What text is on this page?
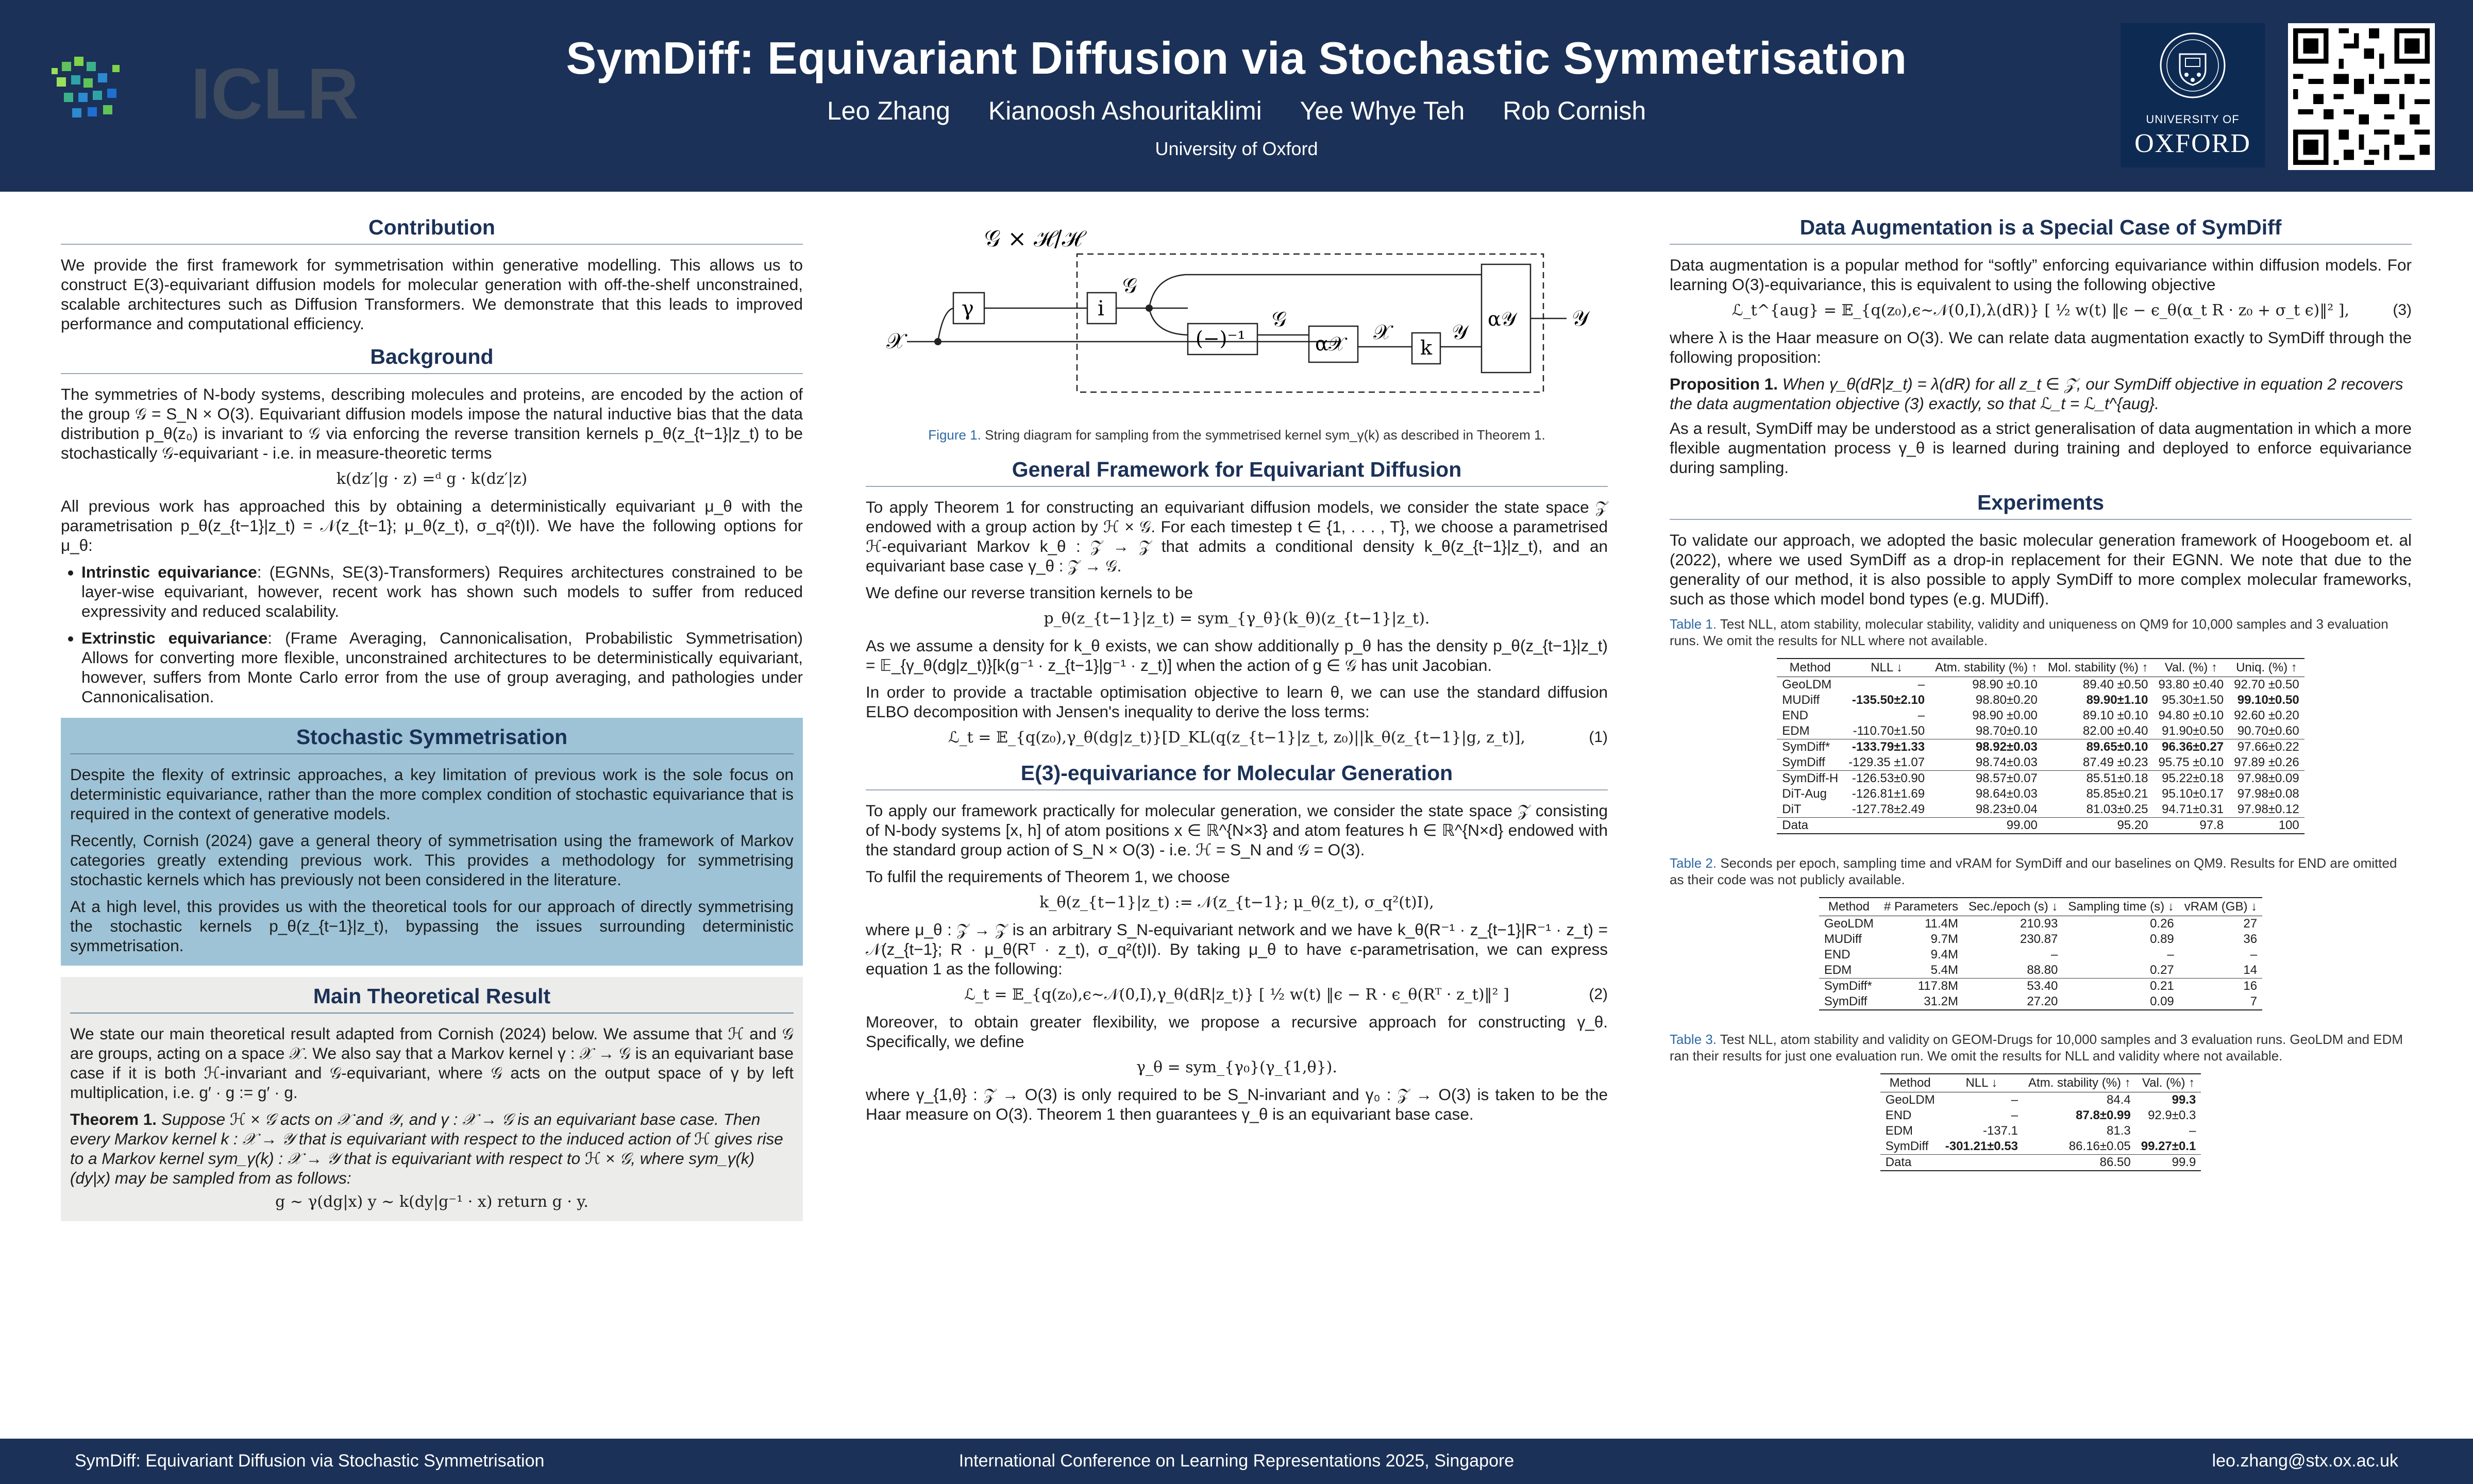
ICLR	SymDiff: Equivariant Diffusion via Stochastic Symmetrisation
Leo Zhang Kianoosh Ashouritaklimi Yee Whye Teh Rob Cornish
University of Oxford
UNIVERSITY OF
OXFORD
Contribution

We provide the first framework for symmetrisation within generative modelling. This allows us to construct E(3)-equivariant diffusion models for molecular generation with off-the-shelf unconstrained, scalable architectures such as Diffusion Transformers. We demonstrate that this leads to improved performance and computational efficiency.

Background

The symmetries of N-body systems, describing molecules and proteins, are encoded by the action of the group 𝒢 = S_N × O(3). Equivariant diffusion models impose the natural inductive bias that the data distribution p_θ(z₀) is invariant to 𝒢 via enforcing the reverse transition kernels p_θ(z_{t−1}|z_t) to be stochastically 𝒢-equivariant - i.e. in measure-theoretic terms

k(dz′|g · z) =ᵈ g · k(dz′|z)

All previous work has approached this by obtaining a deterministically equivariant μ_θ with the parametrisation p_θ(z_{t−1}|z_t) = 𝒩(z_{t−1}; μ_θ(z_t), σ_q²(t)I). We have the following options for μ_θ:

• Intrinstic equivariance: (EGNNs, SE(3)-Transformers) Requires architectures constrained to be layer-wise equivariant, however, recent work has shown such models to suffer from reduced expressivity and reduced scalability.
• Extrinstic equivariance: (Frame Averaging, Cannonicalisation, Probabilistic Symmetrisation) Allows for converting more flexible, unconstrained architectures to be deterministically equivariant, however, suffers from Monte Carlo error from the use of group averaging, and pathologies under Cannonicalisation.
Stochastic Symmetrisation

Despite the flexity of extrinsic approaches, a key limitation of previous work is the sole focus on deterministic equivariance, rather than the more complex condition of stochastic equivariance that is required in the context of generative models.

Recently, Cornish (2024) gave a general theory of symmetrisation using the framework of Markov categories greatly extending previous work. This provides a methodology for symmetrising stochastic kernels which has previously not been considered in the literature.

At a high level, this provides us with the theoretical tools for our approach of directly symmetrising the stochastic kernels p_θ(z_{t−1}|z_t), bypassing the issues surrounding deterministic symmetrisation.

Main Theoretical Result

We state our main theoretical result adapted from Cornish (2024) below. We assume that ℋ and 𝒢 are groups, acting on a space 𝒳. We also say that a Markov kernel γ : 𝒳 → 𝒢 is an equivariant base case if it is both ℋ-invariant and 𝒢-equivariant, where 𝒢 acts on the output space of γ by left multiplication, i.e. g′ · g := g′ · g.

Theorem 1. Suppose ℋ × 𝒢 acts on 𝒳 and 𝒴, and γ : 𝒳 → 𝒢 is an equivariant base case. Then every Markov kernel k : 𝒳 → 𝒴 that is equivariant with respect to the induced action of ℋ gives rise to a Markov kernel sym_γ(k) : 𝒳 → 𝒴 that is equivariant with respect to ℋ × 𝒢, where sym_γ(k)(dy|x) may be sampled from as follows:
g ∼ γ(dg|x) y ∼ k(dy|g⁻¹ · x) return g · y.
𝒢 × ℋ/ℋ
𝒳
𝒴
γ	i
𝒢
(−)⁻¹
𝒢
α𝒳 𝒳
k
𝒴
α𝒴
Figure 1. String diagram for sampling from the symmetrised kernel sym_γ(k) as described in Theorem 1.
General Framework for Equivariant Diffusion

To apply Theorem 1 for constructing an equivariant diffusion models, we consider the state space 𝒵 endowed with a group action by ℋ × 𝒢. For each timestep t ∈ {1, . . . , T}, we choose a parametrised ℋ-equivariant Markov k_θ : 𝒵 → 𝒵 that admits a conditional density k_θ(z_{t−1}|z_t), and an equivariant base case γ_θ : 𝒵 → 𝒢.

We define our reverse transition kernels to be

p_θ(z_{t−1}|z_t) = sym_{γ_θ}(k_θ)(z_{t−1}|z_t).

As we assume a density for k_θ exists, we can show additionally p_θ has the density p_θ(z_{t−1}|z_t) = 𝔼_{γ_θ(dg|z_t)}[k(g⁻¹ · z_{t−1}|g⁻¹ · z_t)] when the action of g ∈ 𝒢 has unit Jacobian.

In order to provide a tractable optimisation objective to learn θ, we can use the standard diffusion ELBO decomposition with Jensen's inequality to derive the loss terms:

ℒ_t = 𝔼_{q(z₀),γ_θ(dg|z_t)}[D_KL(q(z_{t−1}|z_t, z₀)||k_θ(z_{t−1}|g, z_t)],	(1)
E(3)-equivariance for Molecular Generation

To apply our framework practically for molecular generation, we consider the state space 𝒵 consisting of N-body systems [x, h] of atom positions x ∈ ℝ^{N×3} and atom features h ∈ ℝ^{N×d} endowed with the standard group action of S_N × O(3) - i.e. ℋ = S_N and 𝒢 = O(3).

To fulfil the requirements of Theorem 1, we choose

k_θ(z_{t−1}|z_t) := 𝒩(z_{t−1}; μ_θ(z_t), σ_q²(t)I),

where μ_θ : 𝒵 → 𝒵 is an arbitrary S_N-equivariant network and we have k_θ(R⁻¹ · z_{t−1}|R⁻¹ · z_t) = 𝒩(z_{t−1}; R · μ_θ(Rᵀ · z_t), σ_q²(t)I). By taking μ_θ to have ϵ-parametrisation, we can express equation 1 as the following:

ℒ_t = 𝔼_{q(z₀),ϵ∼𝒩(0,I),γ_θ(dR|z_t)} [ ½ w(t) ‖ϵ − R · ϵ_θ(Rᵀ · z_t)‖² ]	(2)

Moreover, to obtain greater flexibility, we propose a recursive approach for constructing γ_θ. Specifically, we define

γ_θ = sym_{γ₀}(γ_{1,θ}).

where γ_{1,θ} : 𝒵 → O(3) is only required to be S_N-invariant and γ₀ : 𝒵 → O(3) is taken to be the Haar measure on O(3). Theorem 1 then guarantees γ_θ is an equivariant base case.

Data Augmentation is a Special Case of SymDiff

Data augmentation is a popular method for “softly” enforcing equivariance within diffusion models. For learning O(3)-equivariance, this is equivalent to using the following objective

ℒ_t^{aug} = 𝔼_{q(z₀),ϵ∼𝒩(0,I),λ(dR)} [ ½ w(t) ‖ϵ − ϵ_θ(α_t R · z₀ + σ_t ϵ)‖² ],	(3)

where λ is the Haar measure on O(3). We can relate data augmentation exactly to SymDiff through the following proposition:

Proposition 1. When γ_θ(dR|z_t) = λ(dR) for all z_t ∈ 𝒵, our SymDiff objective in equation 2 recovers the data augmentation objective (3) exactly, so that ℒ_t = ℒ_t^{aug}.

As a result, SymDiff may be understood as a strict generalisation of data augmentation in which a more flexible augmentation process γ_θ is learned during training and deployed to enforce equivariance during sampling.

Experiments

To validate our approach, we adopted the basic molecular generation framework of Hoogeboom et. al (2022), where we used SymDiff as a drop-in replacement for their EGNN. We note that due to the generality of our method, it is also possible to apply SymDiff to more complex molecular frameworks, such as those which model bond types (e.g. MUDiff).

Table 1. Test NLL, atom stability, molecular stability, validity and uniqueness on QM9 for 10,000 samples and 3 evaluation runs. We omit the results for NLL where not available.
Method	NLL ↓	Atm. stability (%) ↑	Mol. stability (%) ↑	Val. (%) ↑	Uniq. (%) ↑
GeoLDM	–	98.90 ±0.10	89.40 ±0.50	93.80 ±0.40	92.70 ±0.50
MUDiff	-135.50±2.10	98.80±0.20	89.90±1.10	95.30±1.50	99.10±0.50
END	–	98.90 ±0.00	89.10 ±0.10	94.80 ±0.10	92.60 ±0.20
EDM	-110.70±1.50	98.70±0.10	82.00 ±0.40	91.90±0.50	90.70±0.60
SymDiff*	-133.79±1.33	98.92±0.03	89.65±0.10	96.36±0.27	97.66±0.22
SymDiff	-129.35 ±1.07	98.74±0.03	87.49 ±0.23	95.75 ±0.10	97.89 ±0.26
SymDiff-H	-126.53±0.90	98.57±0.07	85.51±0.18	95.22±0.18	97.98±0.09
DiT-Aug	-126.81±1.69	98.64±0.03	85.85±0.21	95.10±0.17	97.98±0.08
DiT	-127.78±2.49	98.23±0.04	81.03±0.25	94.71±0.31	97.98±0.12
Data		99.00	95.20	97.8	100
Table 2. Seconds per epoch, sampling time and vRAM for SymDiff and our baselines on QM9. Results for END are omitted as their code was not publicly available.
Method	# Parameters	Sec./epoch (s) ↓	Sampling time (s) ↓	vRAM (GB) ↓
GeoLDM	11.4M	210.93	0.26	27
MUDiff	9.7M	230.87	0.89	36
END	9.4M	–	–	–
EDM	5.4M	88.80	0.27	14
SymDiff*	117.8M	53.40	0.21	16
SymDiff	31.2M	27.20	0.09	7
Table 3. Test NLL, atom stability and validity on GEOM-Drugs for 10,000 samples and 3 evaluation runs. GeoLDM and EDM ran their results for just one evaluation run. We omit the results for NLL and validity where not available.
Method	NLL ↓	Atm. stability (%) ↑	Val. (%) ↑
GeoLDM	–	84.4	99.3
END	–	87.8±0.99	92.9±0.3
EDM	-137.1	81.3	–
SymDiff	-301.21±0.53	86.16±0.05	99.27±0.1
Data		86.50	99.9
SymDiff: Equivariant Diffusion via Stochastic Symmetrisation	International Conference on Learning Representations 2025, Singapore	leo.zhang@stx.ox.ac.uk
